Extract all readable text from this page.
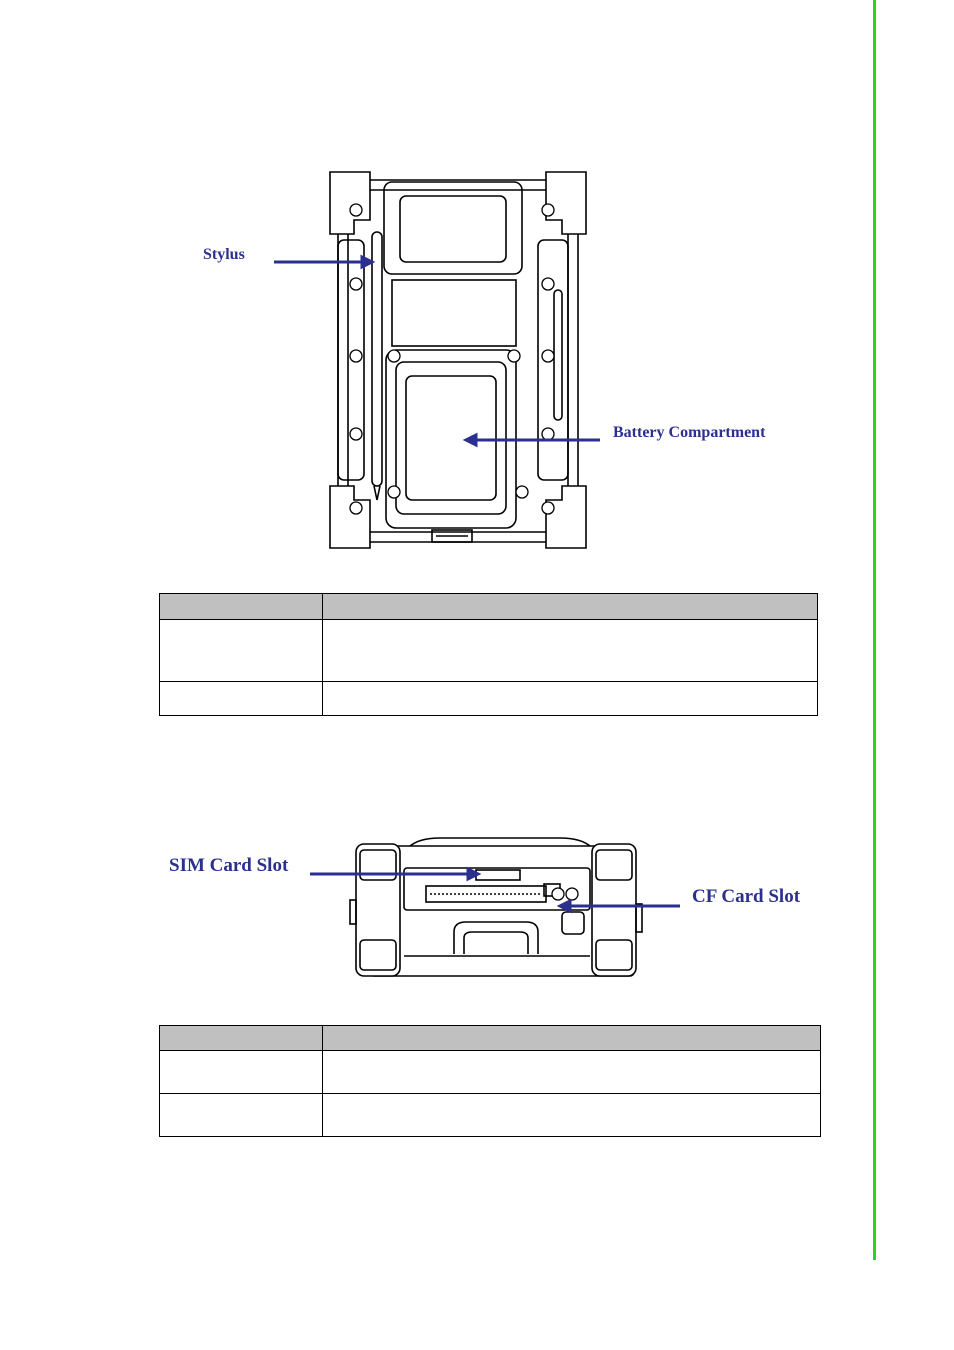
Stylus
Battery Compartment

SIM Card Slot
CF Card Slot
